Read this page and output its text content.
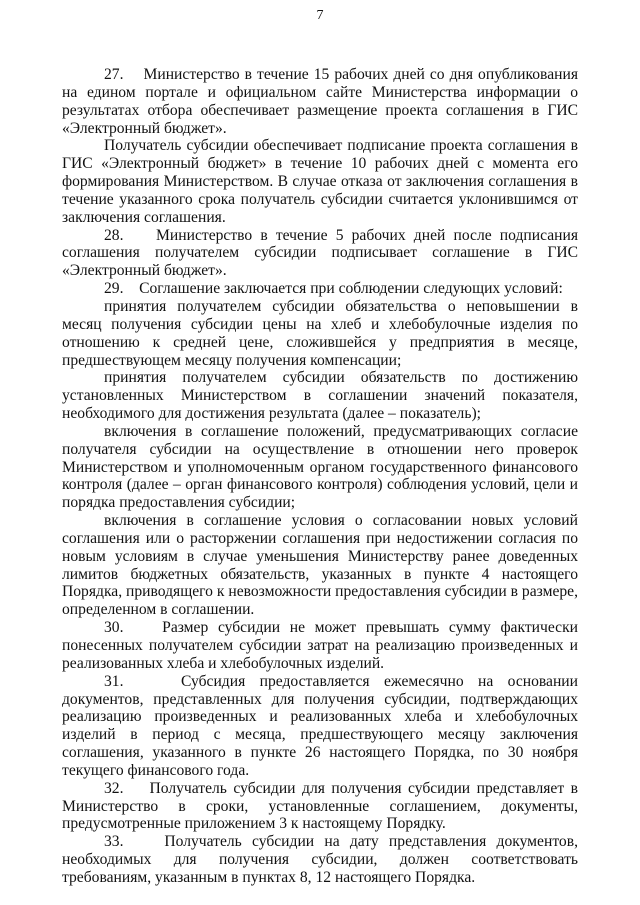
7

27.    Министерство в течение 15 рабочих дней со дня опубликования на едином портале и официальном сайте Министерства информации о результатах отбора обеспечивает размещение проекта соглашения в ГИС «Электронный бюджет».

Получатель субсидии обеспечивает подписание проекта соглашения в ГИС «Электронный бюджет» в течение 10 рабочих дней с момента его формирования Министерством. В случае отказа от заключения соглашения в течение указанного срока получатель субсидии считается уклонившимся от заключения соглашения.

28.    Министерство в течение 5 рабочих дней после подписания соглашения получателем субсидии подписывает соглашение в ГИС «Электронный бюджет».

29.    Соглашение заключается при соблюдении следующих условий:

принятия получателем субсидии обязательства о неповышении в месяц получения субсидии цены на хлеб и хлебобулочные изделия по отношению к средней цене, сложившейся у предприятия в месяце, предшествующем месяцу получения компенсации;

принятия получателем субсидии обязательств по достижению установленных Министерством в соглашении значений показателя, необходимого для достижения результата (далее – показатель);

включения в соглашение положений, предусматривающих согласие получателя субсидии на осуществление в отношении него проверок Министерством и уполномоченным органом государственного финансового контроля (далее – орган финансового контроля) соблюдения условий, цели и порядка предоставления субсидии;

включения в соглашение условия о согласовании новых условий соглашения или о расторжении соглашения при недостижении согласия по новым условиям в случае уменьшения Министерству ранее доведенных лимитов бюджетных обязательств, указанных в пункте 4 настоящего Порядка, приводящего к невозможности предоставления субсидии в размере, определенном в соглашении.

30.    Размер субсидии не может превышать сумму фактически понесенных получателем субсидии затрат на реализацию произведенных и реализованных хлеба и хлебобулочных изделий.

31.    Субсидия предоставляется ежемесячно на основании документов, представленных для получения субсидии, подтверждающих реализацию произведенных и реализованных хлеба и хлебобулочных изделий в период с месяца, предшествующего месяцу заключения соглашения, указанного в пункте 26 настоящего Порядка, по 30 ноября текущего финансового года.

32.    Получатель субсидии для получения субсидии представляет в Министерство в сроки, установленные соглашением, документы, предусмотренные приложением 3 к настоящему Порядку.

33.    Получатель субсидии на дату представления документов, необходимых для получения субсидии, должен соответствовать требованиям, указанным в пунктах 8, 12 настоящего Порядка.
